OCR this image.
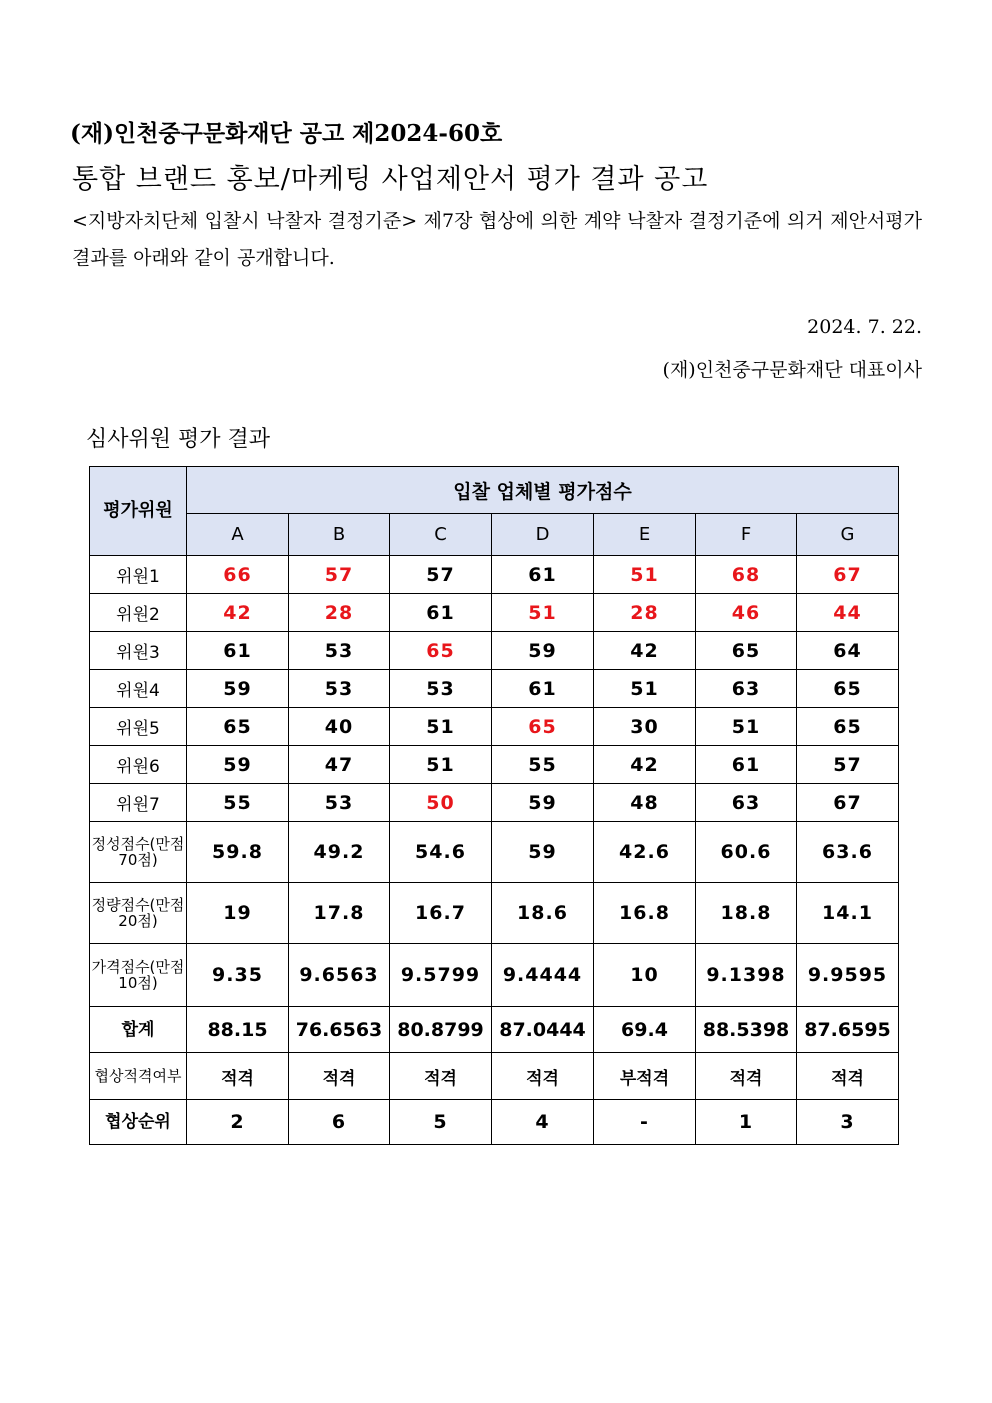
(재)인천중구문화재단 공고 제2024-60호
통합 브랜드 홍보/마케팅 사업제안서 평가 결과 공고
<지방자치단체 입찰시 낙찰자 결정기준> 제7장 협상에 의한 계약 낙찰자 결정기준에 의거 제안서평가 결과를 아래와 같이 공개합니다.
2024. 7. 22.
(재)인천중구문화재단 대표이사
심사위원 평가 결과
평가위원	입찰 업체별 평가점수						
	A	B	C	D	E	F	G
위원1	66	57	57	61	51	68	67
위원2	42	28	61	51	28	46	44
위원3	61	53	65	59	42	65	64
위원4	59	53	53	61	51	63	65
위원5	65	40	51	65	30	51	65
위원6	59	47	51	55	42	61	57
위원7	55	53	50	59	48	63	67
정성점수(만점 70점)	59.8	49.2	54.6	59	42.6	60.6	63.6
정량점수(만점 20점)	19	17.8	16.7	18.6	16.8	18.8	14.1
가격점수(만점 10점)	9.35	9.6563	9.5799	9.4444	10	9.1398	9.9595
합계	88.15	76.6563	80.8799	87.0444	69.4	88.5398	87.6595
협상적격여부	적격	적격	적격	적격	부적격	적격	적격
협상순위	2	6	5	4	-	1	3
